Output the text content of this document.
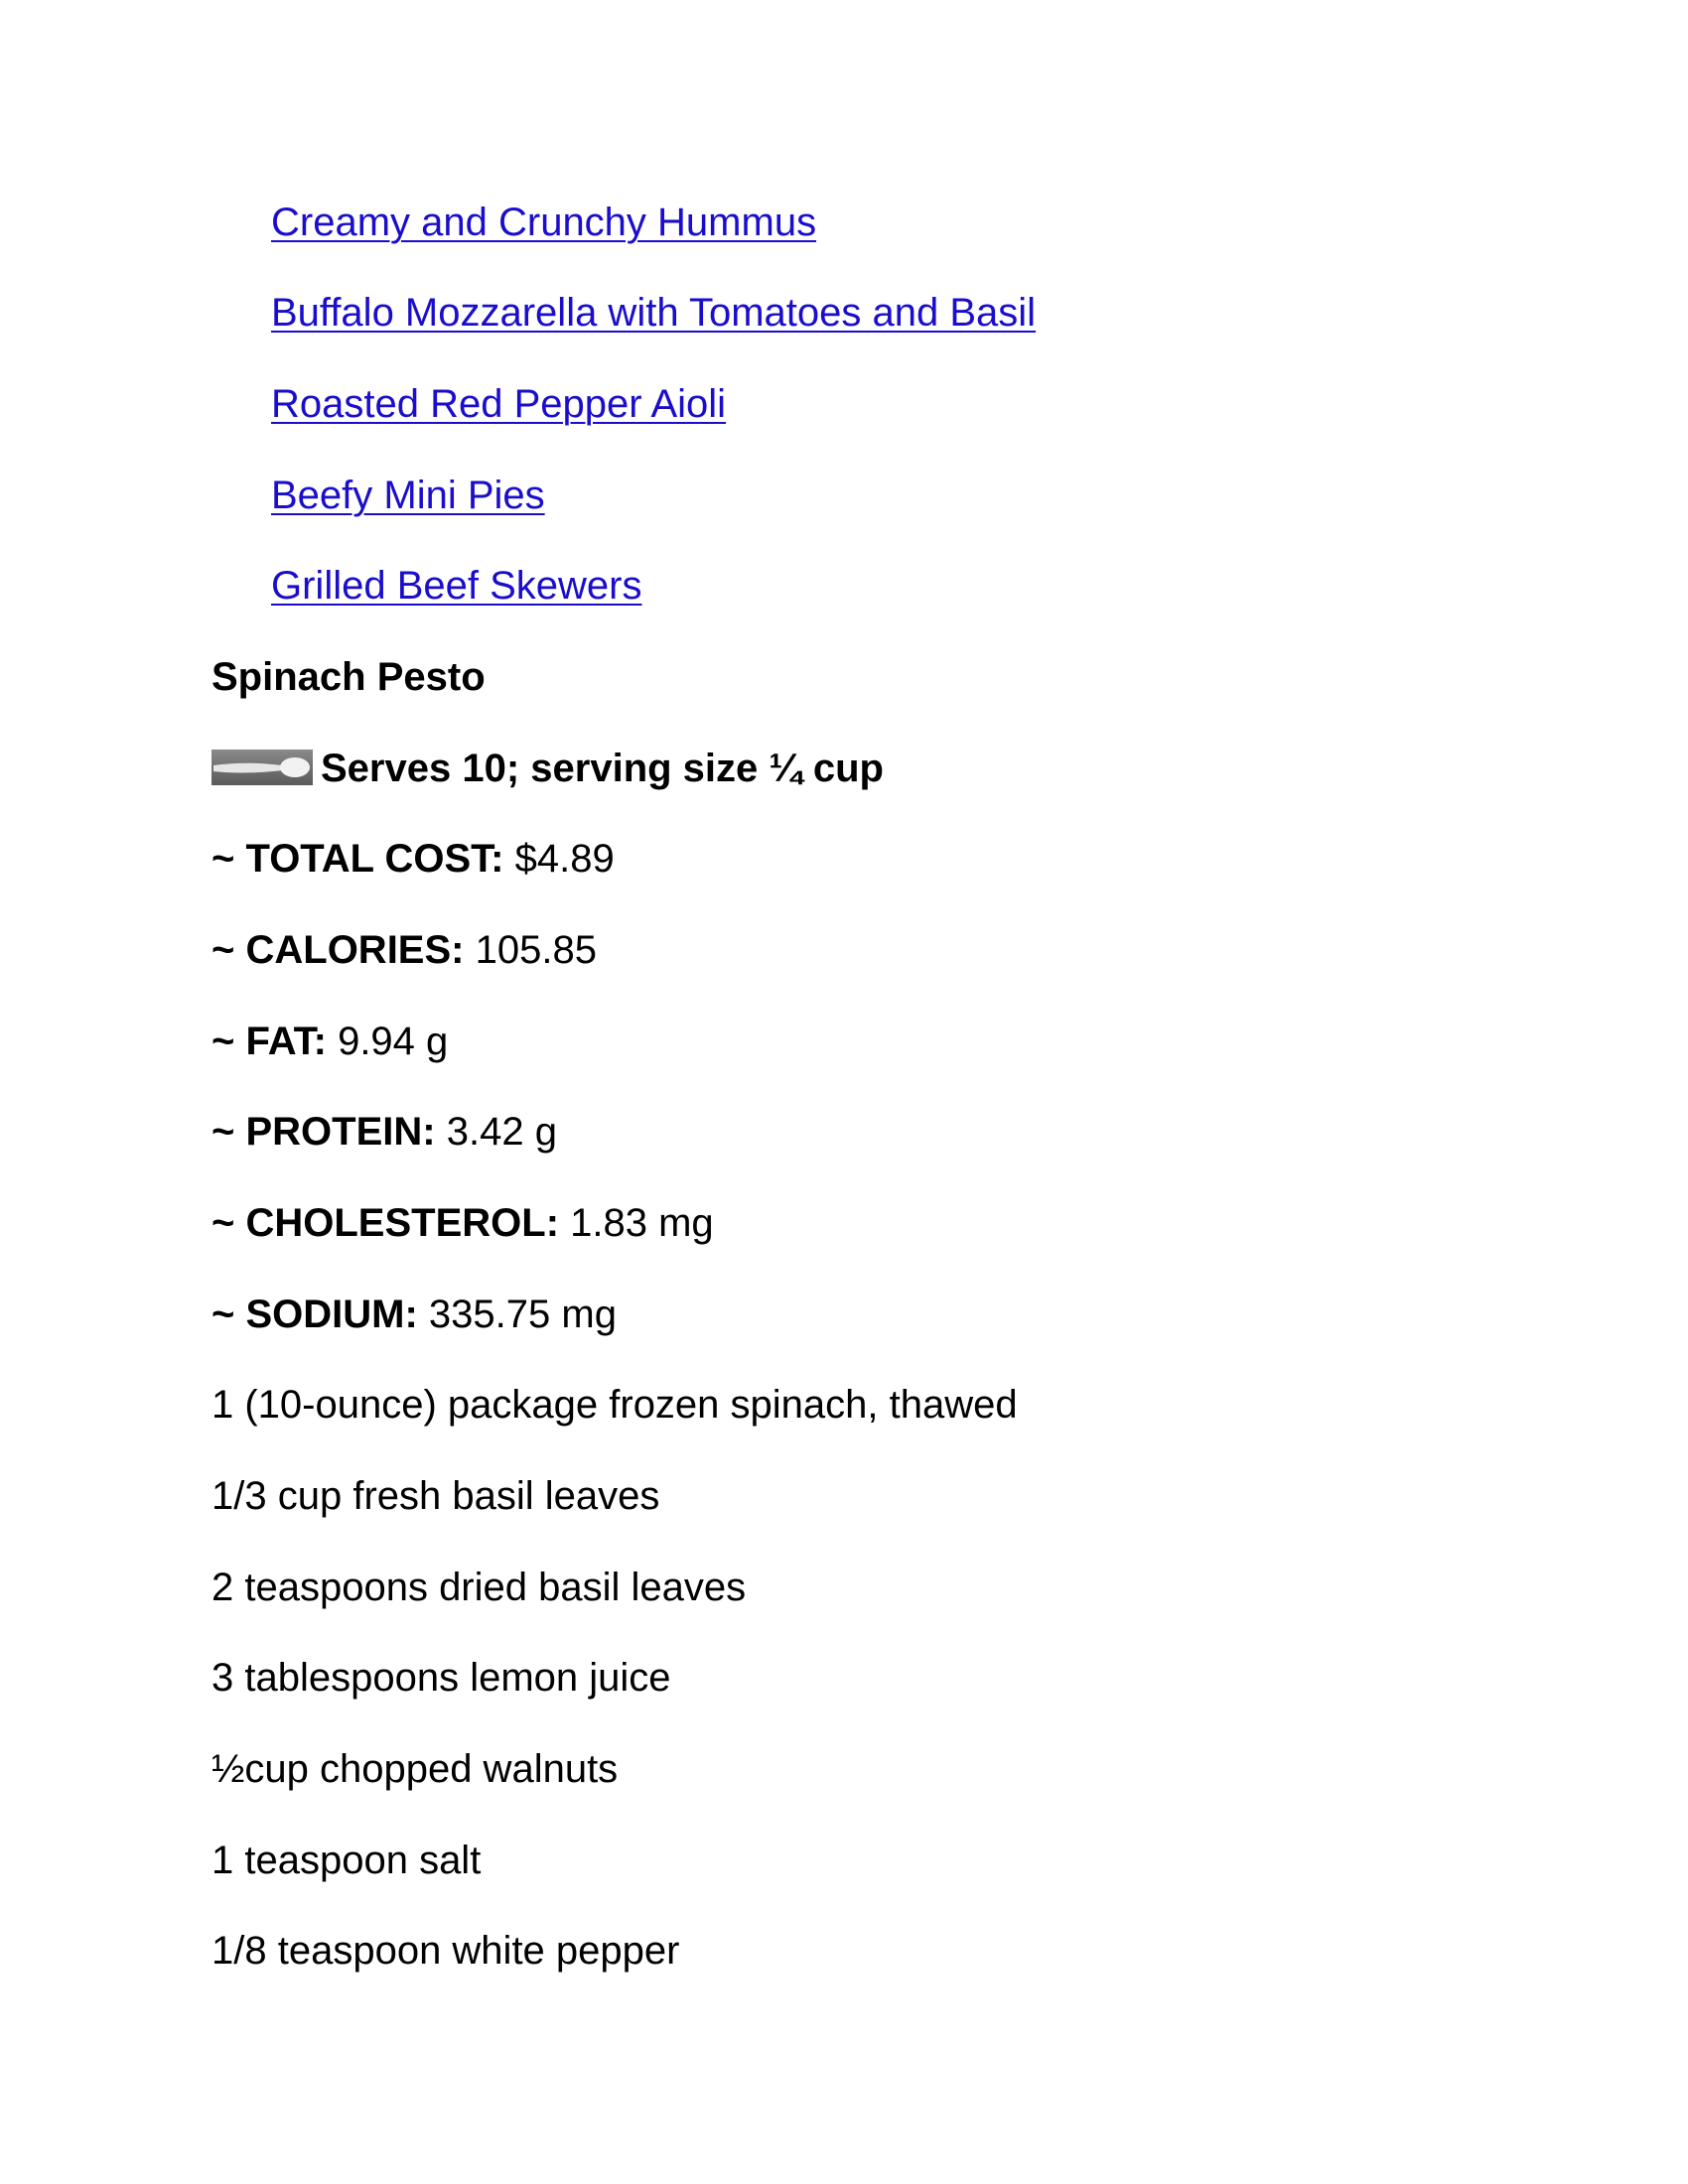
Creamy and Crunchy Hummus
Buffalo Mozzarella with Tomatoes and Basil
Roasted Red Pepper Aioli
Beefy Mini Pies
Grilled Beef Skewers
Spinach Pesto
Serves 10; serving size ¼ cup
~ TOTAL COST: $4.89
~ CALORIES: 105.85
~ FAT: 9.94 g
~ PROTEIN: 3.42 g
~ CHOLESTEROL: 1.83 mg
~ SODIUM: 335.75 mg
1 (10-ounce) package frozen spinach, thawed
1/3 cup fresh basil leaves
2 teaspoons dried basil leaves
3 tablespoons lemon juice
½cup chopped walnuts
1 teaspoon salt
1/8 teaspoon white pepper
